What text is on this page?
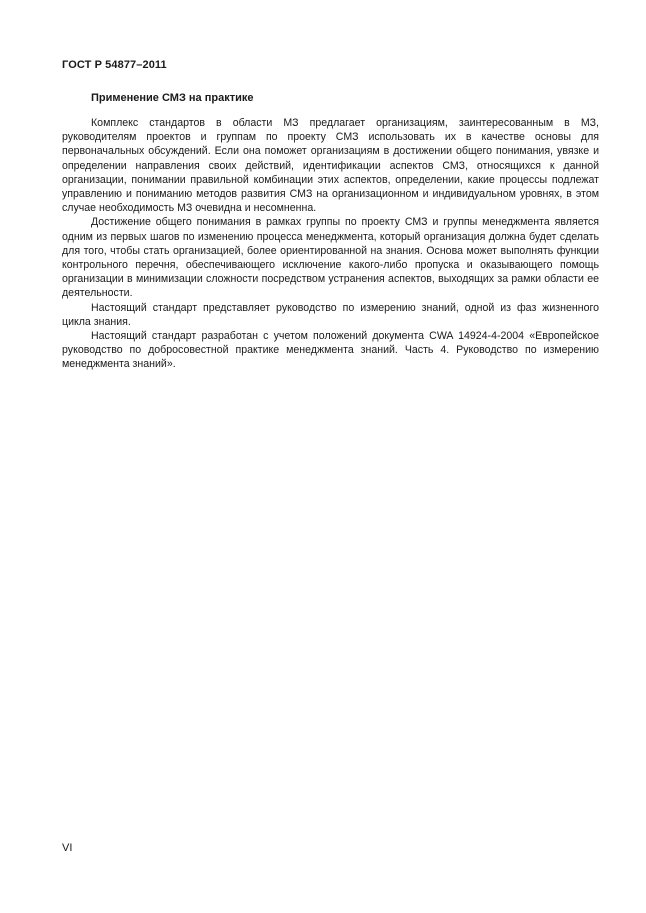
ГОСТ Р 54877–2011
Применение СМЗ на практике

Комплекс стандартов в области МЗ предлагает организациям, заинтересованным в МЗ, руководителям проектов и группам по проекту СМЗ использовать их в качестве основы для первоначальных обсуждений. Если она поможет организациям в достижении общего понимания, увязке и определении направления своих действий, идентификации аспектов СМЗ, относящихся к данной организации, понимании правильной комбинации этих аспектов, определении, какие процессы подлежат управлению и пониманию методов развития СМЗ на организационном и индивидуальном уровнях, в этом случае необходимость МЗ очевидна и несомненна.

Достижение общего понимания в рамках группы по проекту СМЗ и группы менеджмента является одним из первых шагов по изменению процесса менеджмента, который организация должна будет сделать для того, чтобы стать организацией, более ориентированной на знания. Основа может выполнять функции контрольного перечня, обеспечивающего исключение какого-либо пропуска и оказывающего помощь организации в минимизации сложности посредством устранения аспектов, выходящих за рамки области ее деятельности.

Настоящий стандарт представляет руководство по измерению знаний, одной из фаз жизненного цикла знания.

Настоящий стандарт разработан с учетом положений документа CWA 14924-4-2004 «Европейское руководство по добросовестной практике менеджмента знаний. Часть 4. Руководство по измерению менеджмента знаний».

VI
